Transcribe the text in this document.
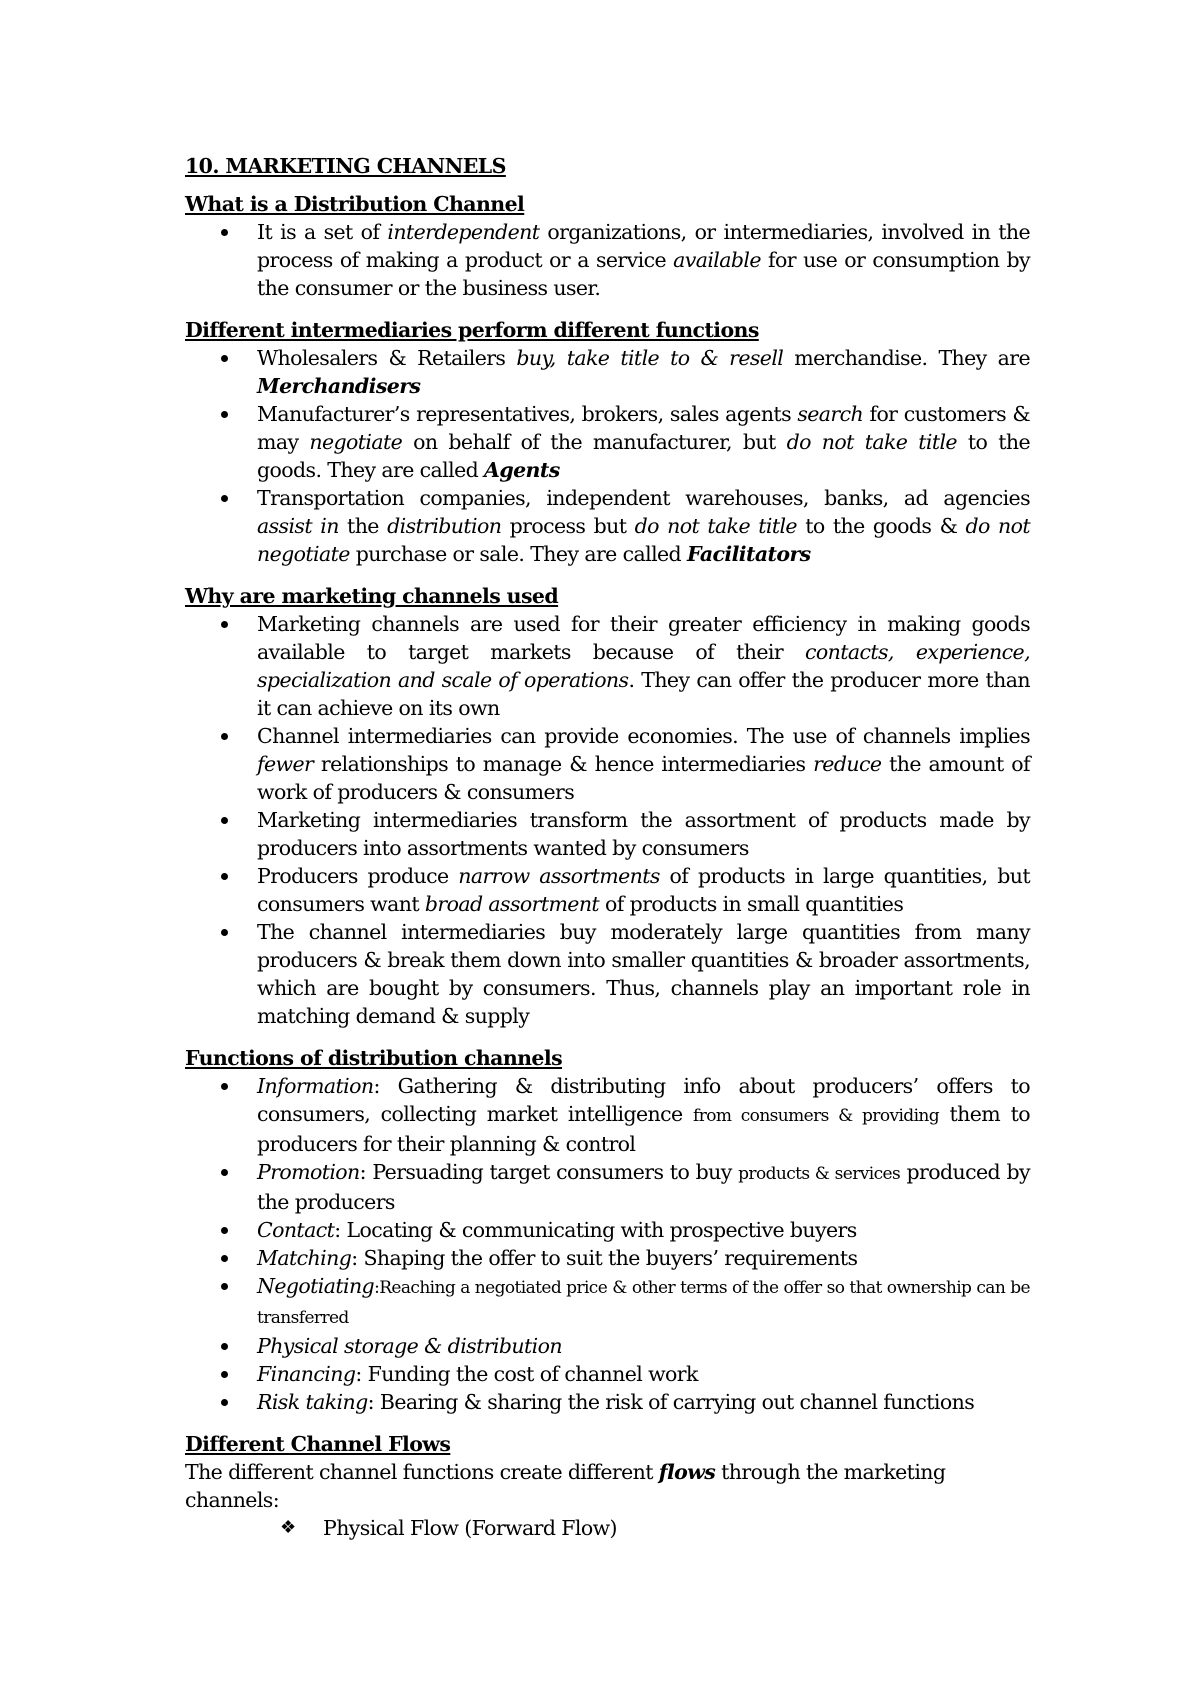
10. MARKETING CHANNELS

What is a Distribution Channel

It is a set of interdependent organizations, or intermediaries, involved in the process of making a product or a service available for use or consumption by the consumer or the business user.

Different intermediaries perform different functions

Wholesalers & Retailers buy, take title to & resell merchandise. They are Merchandisers
Manufacturer’s representatives, brokers, sales agents search for customers & may negotiate on behalf of the manufacturer, but do not take title to the goods. They are called Agents
Transportation companies, independent warehouses, banks, ad agencies assist in the distribution process but do not take title to the goods & do not negotiate purchase or sale. They are called Facilitators

Why are marketing channels used

Marketing channels are used for their greater efficiency in making goods available to target markets because of their contacts, experience, specialization and scale of operations. They can offer the producer more than it can achieve on its own
Channel intermediaries can provide economies. The use of channels implies fewer relationships to manage & hence intermediaries reduce the amount of work of producers & consumers
Marketing intermediaries transform the assortment of products made by producers into assortments wanted by consumers
Producers produce narrow assortments of products in large quantities, but consumers want broad assortment of products in small quantities
The channel intermediaries buy moderately large quantities from many producers & break them down into smaller quantities & broader assortments, which are bought by consumers. Thus, channels play an important role in matching demand & supply

Functions of distribution channels

Information: Gathering & distributing info about producers’ offers to consumers, collecting market intelligence from consumers & providing them to producers for their planning & control
Promotion: Persuading target consumers to buy products & services produced by the producers
Contact: Locating & communicating with prospective buyers
Matching: Shaping the offer to suit the buyers’ requirements
Negotiating:Reaching a negotiated price & other terms of the offer so that ownership can be transferred
Physical storage & distribution
Financing: Funding the cost of channel work
Risk taking: Bearing & sharing the risk of carrying out channel functions

Different Channel Flows

The different channel functions create different flows through the marketing channels:

❖ Physical Flow (Forward Flow)
